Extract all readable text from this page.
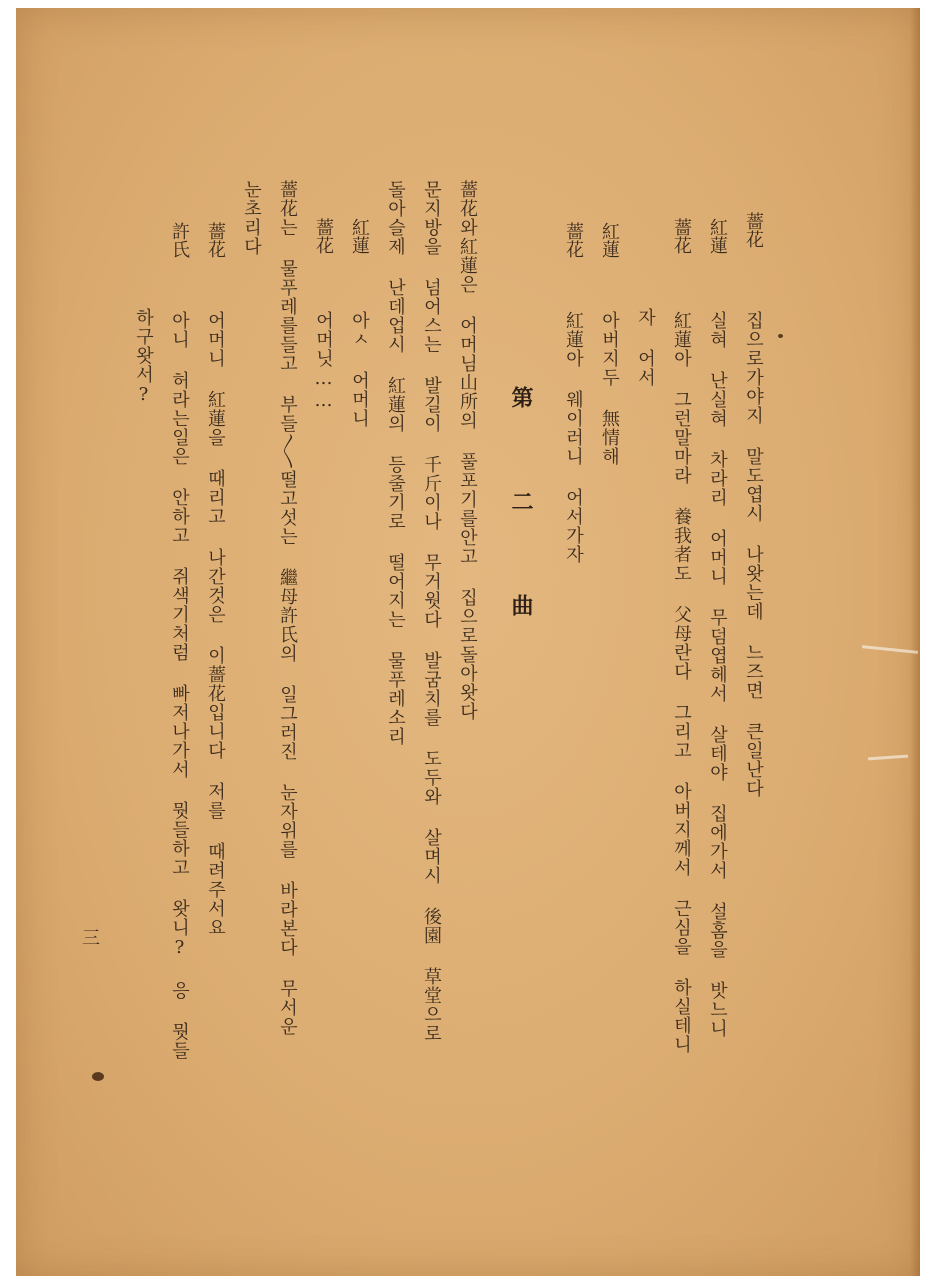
薔花
집으로가야지 말도엽시 나왓는데 느즈면 큰일난다
紅蓮
실혀 난실혀 차라리 어머니 무덤엽헤서 살테야 집에가서 설홈을 밧느니
薔花
紅蓮아 그런말마라 養我者도 父母란다 그리고 아버지께서 근심을 하실테니
자 어서
紅蓮
아버지두 無情해
薔花
紅蓮아 웨이러니 어서가자
第 二 曲
薔花와紅蓮은 어머님山所의 풀포기를안고 집으로돌아왓다
문지방을 넘어스는 발길이 千斤이나 무거웟다 발굼치를 도두와 살며시 後園 草堂으로
돌아슬제 난데업시 紅蓮의 등줄기로 떨어지는 물푸레소리
紅蓮
아ㅅ 어머니
薔花
어머닛……
薔花는 물푸레를들고 부들〳〵떨고섯는 繼母許氏의 일그러진 눈자위를 바라본다 무서운
눈초리다
薔花
어머니 紅蓮을 때리고 나간것은 이薔花입니다 저를 때려주서요
許氏
아니 허라는일은 안하고 쥐색기처럼 빠저나가서 뭣들하고 왓니? 응 뭣들
하구왓서?
三
